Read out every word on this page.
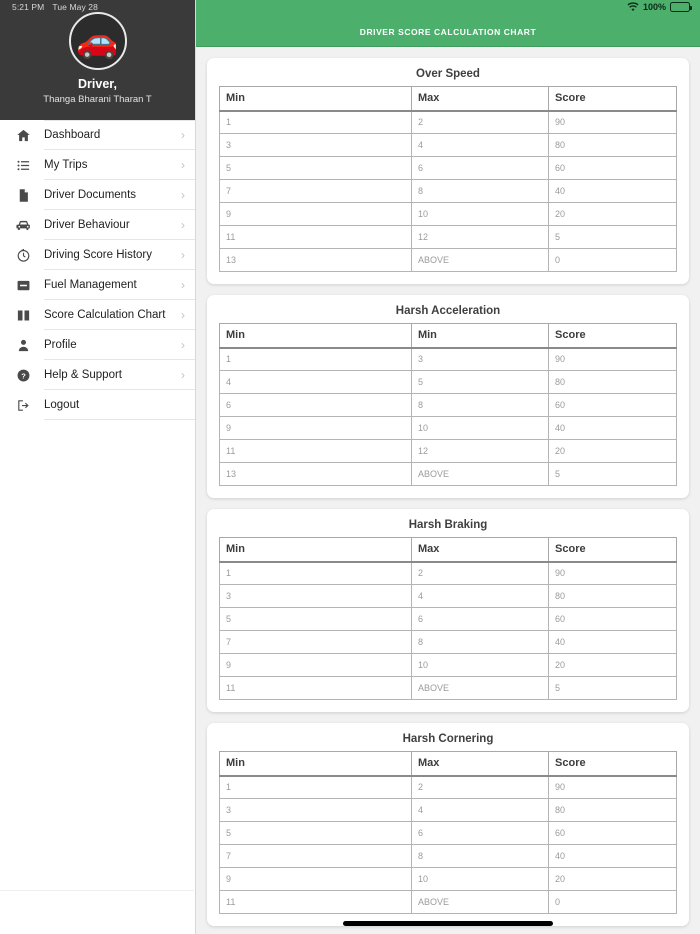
5:21 PM Tue May 28
🚗
Driver,
Thanga Bharani Tharan T
Dashboard	›
My Trips	›
Driver Documents	›
Driver Behaviour	›
Driving Score History	›
Fuel Management	›
Score Calculation Chart	›
Profile	›
? Help & Support	›
Logout
100%
DRIVER SCORE CALCULATION CHART
Over Speed
Min	Max	Score
1	2	90
3	4	80
5	6	60
7	8	40
9	10	20
11	12	5
13	ABOVE	0
Harsh Acceleration
Min	Min	Score
1	3	90
4	5	80
6	8	60
9	10	40
11	12	20
13	ABOVE	5
Harsh Braking
Min	Max	Score
1	2	90
3	4	80
5	6	60
7	8	40
9	10	20
11	ABOVE	5
Harsh Cornering
Min	Max	Score
1	2	90
3	4	80
5	6	60
7	8	40
9	10	20
11	ABOVE	0
